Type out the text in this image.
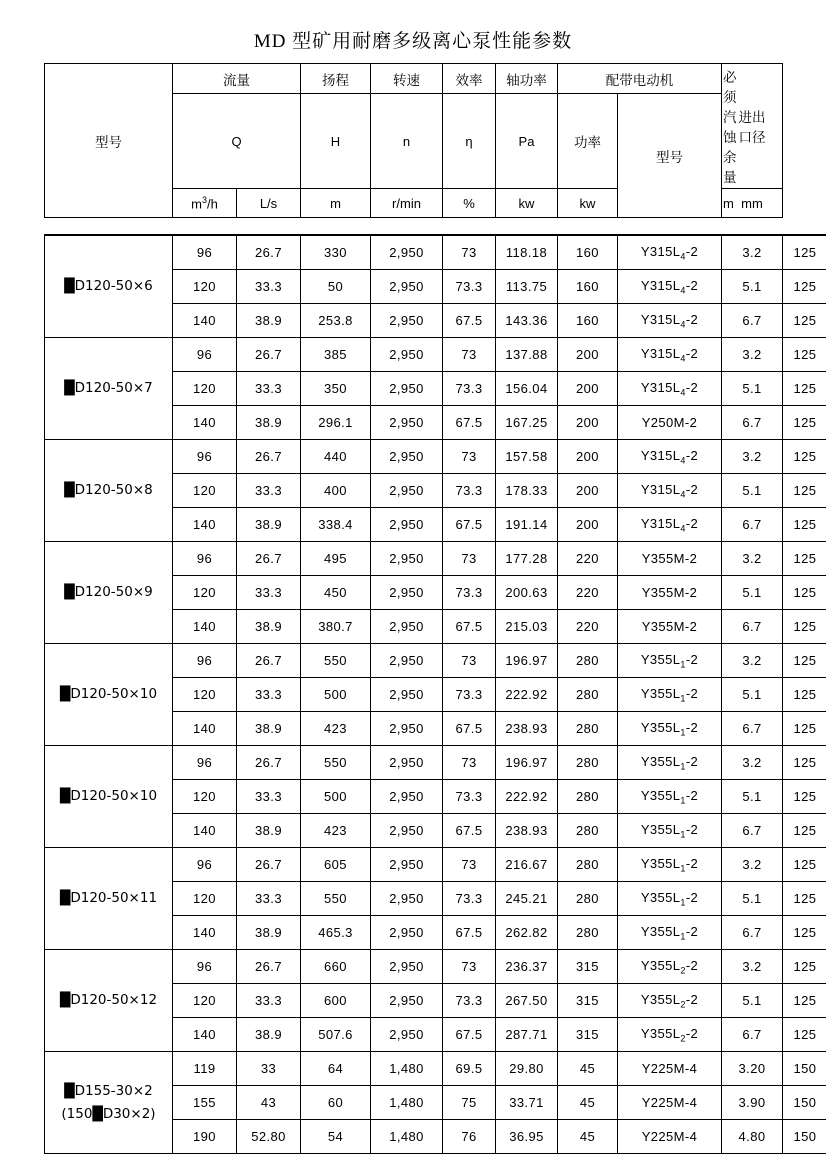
MD 型矿用耐磨多级离心泵性能参数
型号	流量		扬程	转速	效率	轴功率	配带电动机		必须汽
蚀余量	进出
口径
	Q		H	n	η	Pa	功率	型号	
	$m^3/h$	L/s	m	r/min	%	kw	kw		m	mm
█D120-50×6	96	26.7	330	2,950	73	118.18	160	$Y315L_4-2$	3.2	125
	120	33.3	50	2,950	73.3	113.75	160	$Y315L_4-2$	5.1	125
	140	38.9	253.8	2,950	67.5	143.36	160	$Y315L_4-2$	6.7	125
█D120-50×7	96	26.7	385	2,950	73	137.88	200	$Y315L_4-2$	3.2	125
	120	33.3	350	2,950	73.3	156.04	200	$Y315L_4-2$	5.1	125
	140	38.9	296.1	2,950	67.5	167.25	200	Y250M-2	6.7	125
█D120-50×8	96	26.7	440	2,950	73	157.58	200	$Y315L_4-2$	3.2	125
	120	33.3	400	2,950	73.3	178.33	200	$Y315L_4-2$	5.1	125
	140	38.9	338.4	2,950	67.5	191.14	200	$Y315L_4-2$	6.7	125
█D120-50×9	96	26.7	495	2,950	73	177.28	220	Y355M-2	3.2	125
	120	33.3	450	2,950	73.3	200.63	220	Y355M-2	5.1	125
	140	38.9	380.7	2,950	67.5	215.03	220	Y355M-2	6.7	125
█D120-50×10	96	26.7	550	2,950	73	196.97	280	$Y355L_1-2$	3.2	125
	120	33.3	500	2,950	73.3	222.92	280	$Y355L_1-2$	5.1	125
	140	38.9	423	2,950	67.5	238.93	280	$Y355L_1-2$	6.7	125
█D120-50×10	96	26.7	550	2,950	73	196.97	280	$Y355L_1-2$	3.2	125
	120	33.3	500	2,950	73.3	222.92	280	$Y355L_1-2$	5.1	125
	140	38.9	423	2,950	67.5	238.93	280	$Y355L_1-2$	6.7	125
█D120-50×11	96	26.7	605	2,950	73	216.67	280	$Y355L_1-2$	3.2	125
	120	33.3	550	2,950	73.3	245.21	280	$Y355L_1-2$	5.1	125
	140	38.9	465.3	2,950	67.5	262.82	280	$Y355L_1-2$	6.7	125
█D120-50×12	96	26.7	660	2,950	73	236.37	315	$Y355L_2-2$	3.2	125
	120	33.3	600	2,950	73.3	267.50	315	$Y355L_2-2$	5.1	125
	140	38.9	507.6	2,950	67.5	287.71	315	$Y355L_2-2$	6.7	125
█D155-30×2
(150█D30×2)	119	33	64	1,480	69.5	29.80	45	Y225M-4	3.20	150
	155	43	60	1,480	75	33.71	45	Y225M-4	3.90	150
	190	52.80	54	1,480	76	36.95	45	Y225M-4	4.80	150
